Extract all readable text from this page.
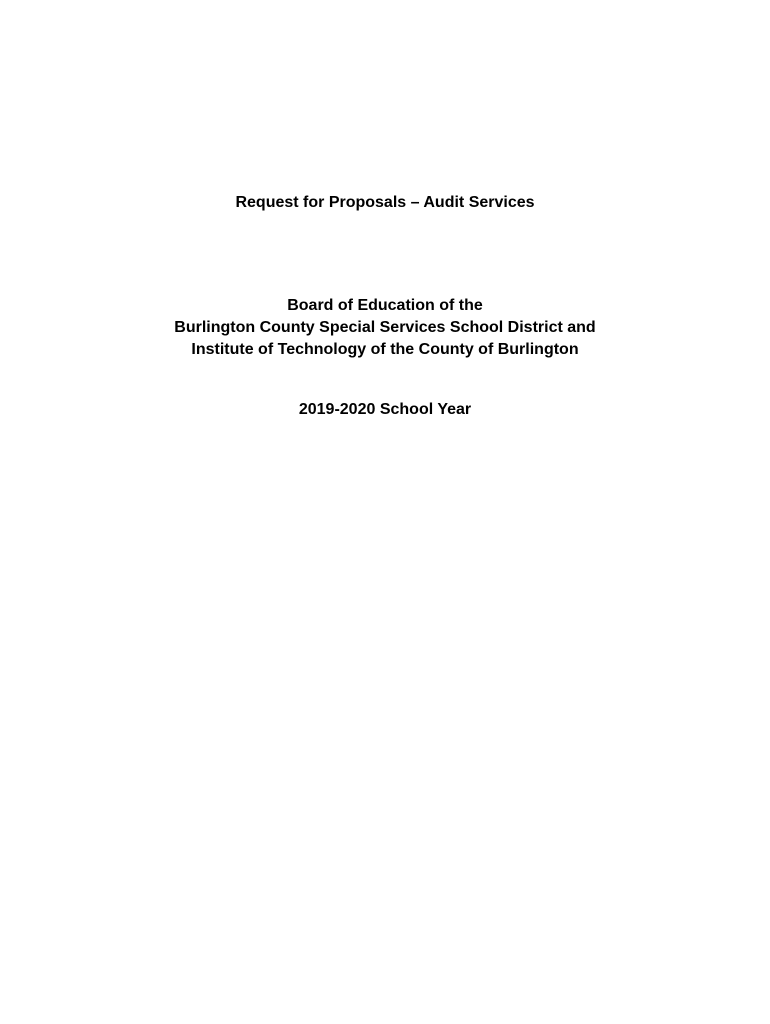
Request for Proposals – Audit Services
Board of Education of the
Burlington County Special Services School District and
Institute of Technology of the County of Burlington
2019-2020 School Year
